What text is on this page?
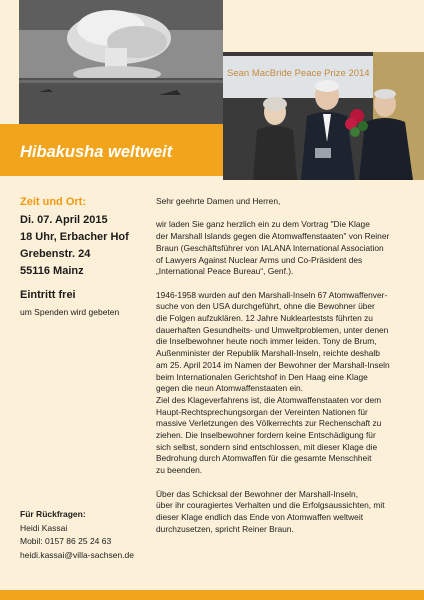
Sean MacBride Peace Prize 2014
Hibakusha weltweit

Zeit und Ort:

Di. 07. April 2015

18 Uhr, Erbacher Hof

Grebenstr. 24

55116 Mainz

Eintritt frei
um Spenden wird gebeten
Für Rückfragen:
Heidi Kassai
Mobil: 0157 86 25 24 63
heidi.kassai@villa-sachsen.de

Sehr geehrte Damen und Herren,

wir laden Sie ganz herzlich ein zu dem Vortrag "Die Klage
der Marshall Islands gegen die Atomwaffenstaaten" von Reiner
Braun (Geschäftsführer von IALANA International Association
of Lawyers Against Nuclear Arms und Co-Präsident des
„International Peace Bureau“, Genf.).

1946-1958 wurden auf den Marshall-Inseln 67 Atomwaffenver-
suche von den USA durchgeführt, ohne die Bewohner über
die Folgen aufzuklären. 12 Jahre Nuklearteststs führten zu
dauerhaften Gesundheits- und Umweltproblemen, unter denen
die Inselbewohner heute noch immer leiden. Tony de Brum,
Außenminister der Republik Marshall-Inseln, reichte deshalb
am 25. April 2014 im Namen der Bewohner der Marshall-Inseln
beim Internationalen Gerichtshof in Den Haag eine Klage
gegen die neun Atomwaffenstaaten ein.
Ziel des Klageverfahrens ist, die Atomwaffenstaaten vor dem
Haupt-Rechtsprechungsorgan der Vereinten Nationen für
massive Verletzungen des Völkerrechts zur Rechenschaft zu
ziehen. Die Inselbewohner fordern keine Entschädigung für
sich selbst, sondern sind entschlossen, mit dieser Klage die
Bedrohung durch Atomwaffen für die gesamte Menschheit
zu beenden.

Über das Schicksal der Bewohner der Marshall-Inseln,
über ihr couragiertes Verhalten und die Erfolgsaussichten, mit
dieser Klage endlich das Ende von Atomwaffen weltweit
durchzusetzen, spricht Reiner Braun.
